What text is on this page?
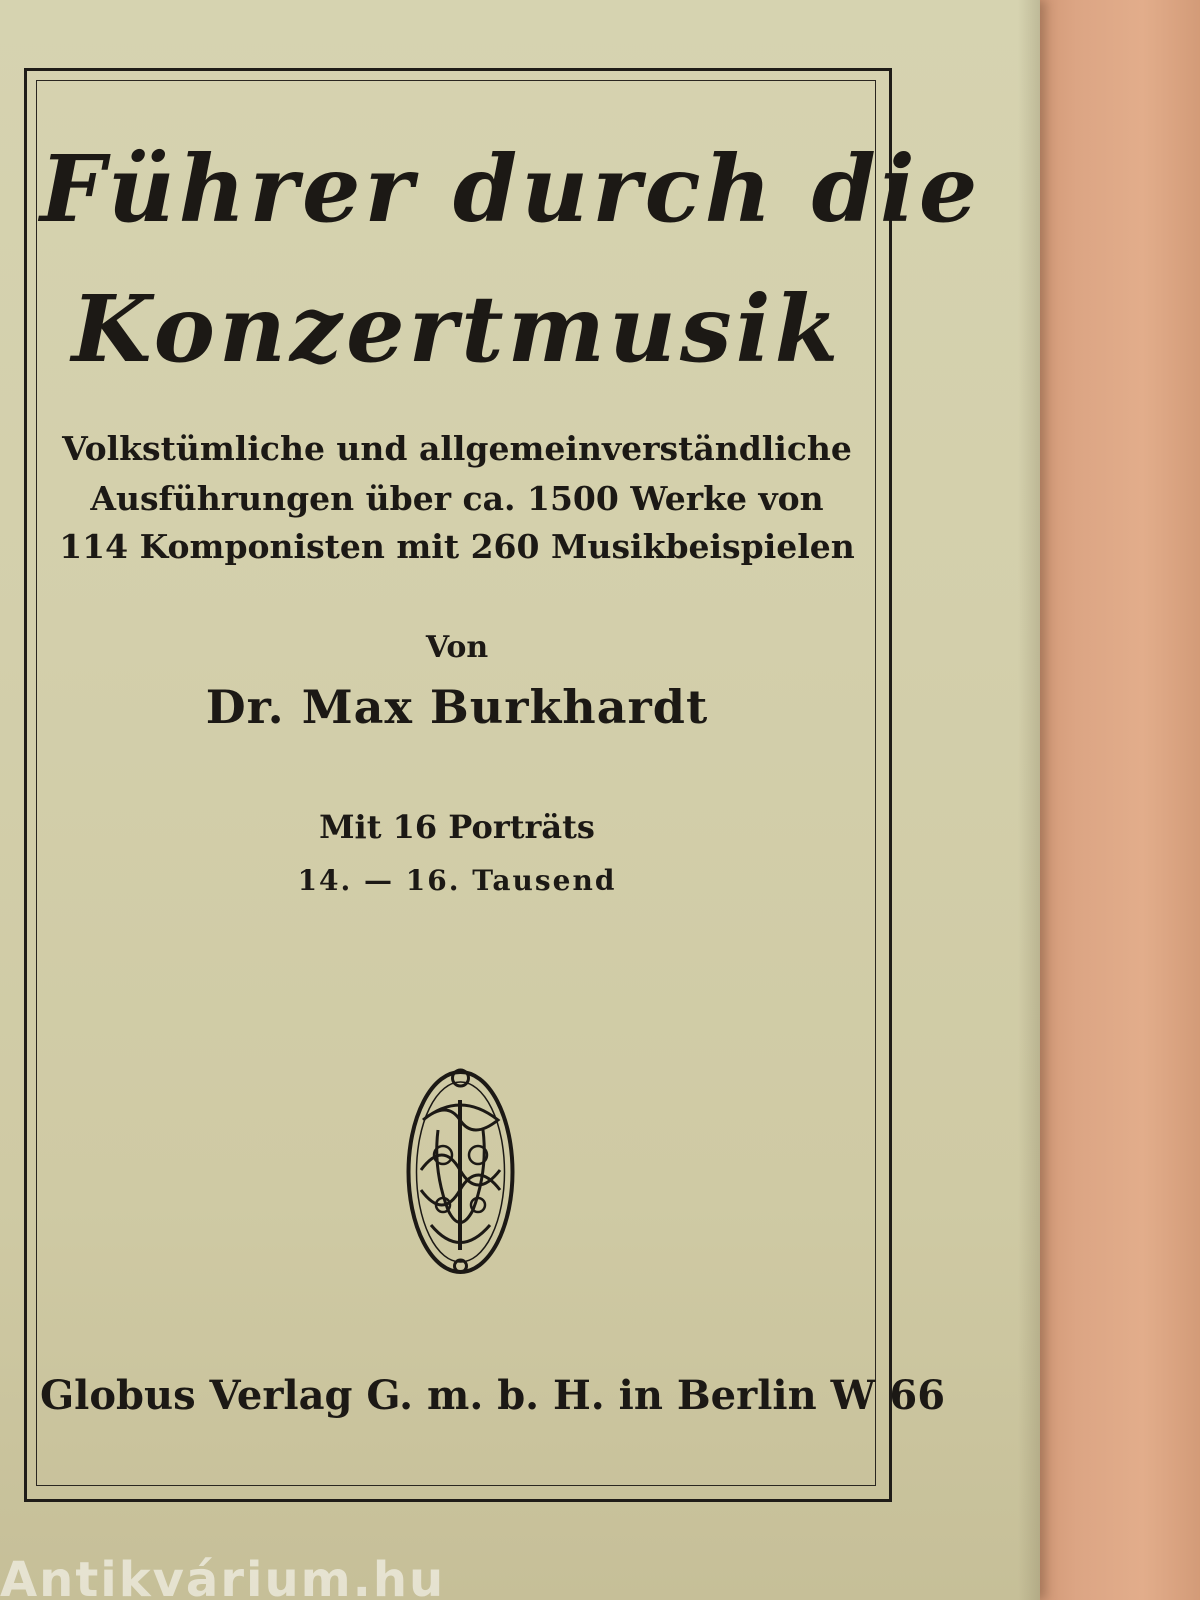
Führer durch die
Konzertmusik
Volkstümliche und allgemeinverständliche
Ausführungen über ca. 1500 Werke von
114 Komponisten mit 260 Musikbeispielen
Von
Dr. Max Burkhardt
Mit 16 Porträts
14. — 16. Tausend
Globus Verlag G. m. b. H. in Berlin W 66
Antikvárium.hu
